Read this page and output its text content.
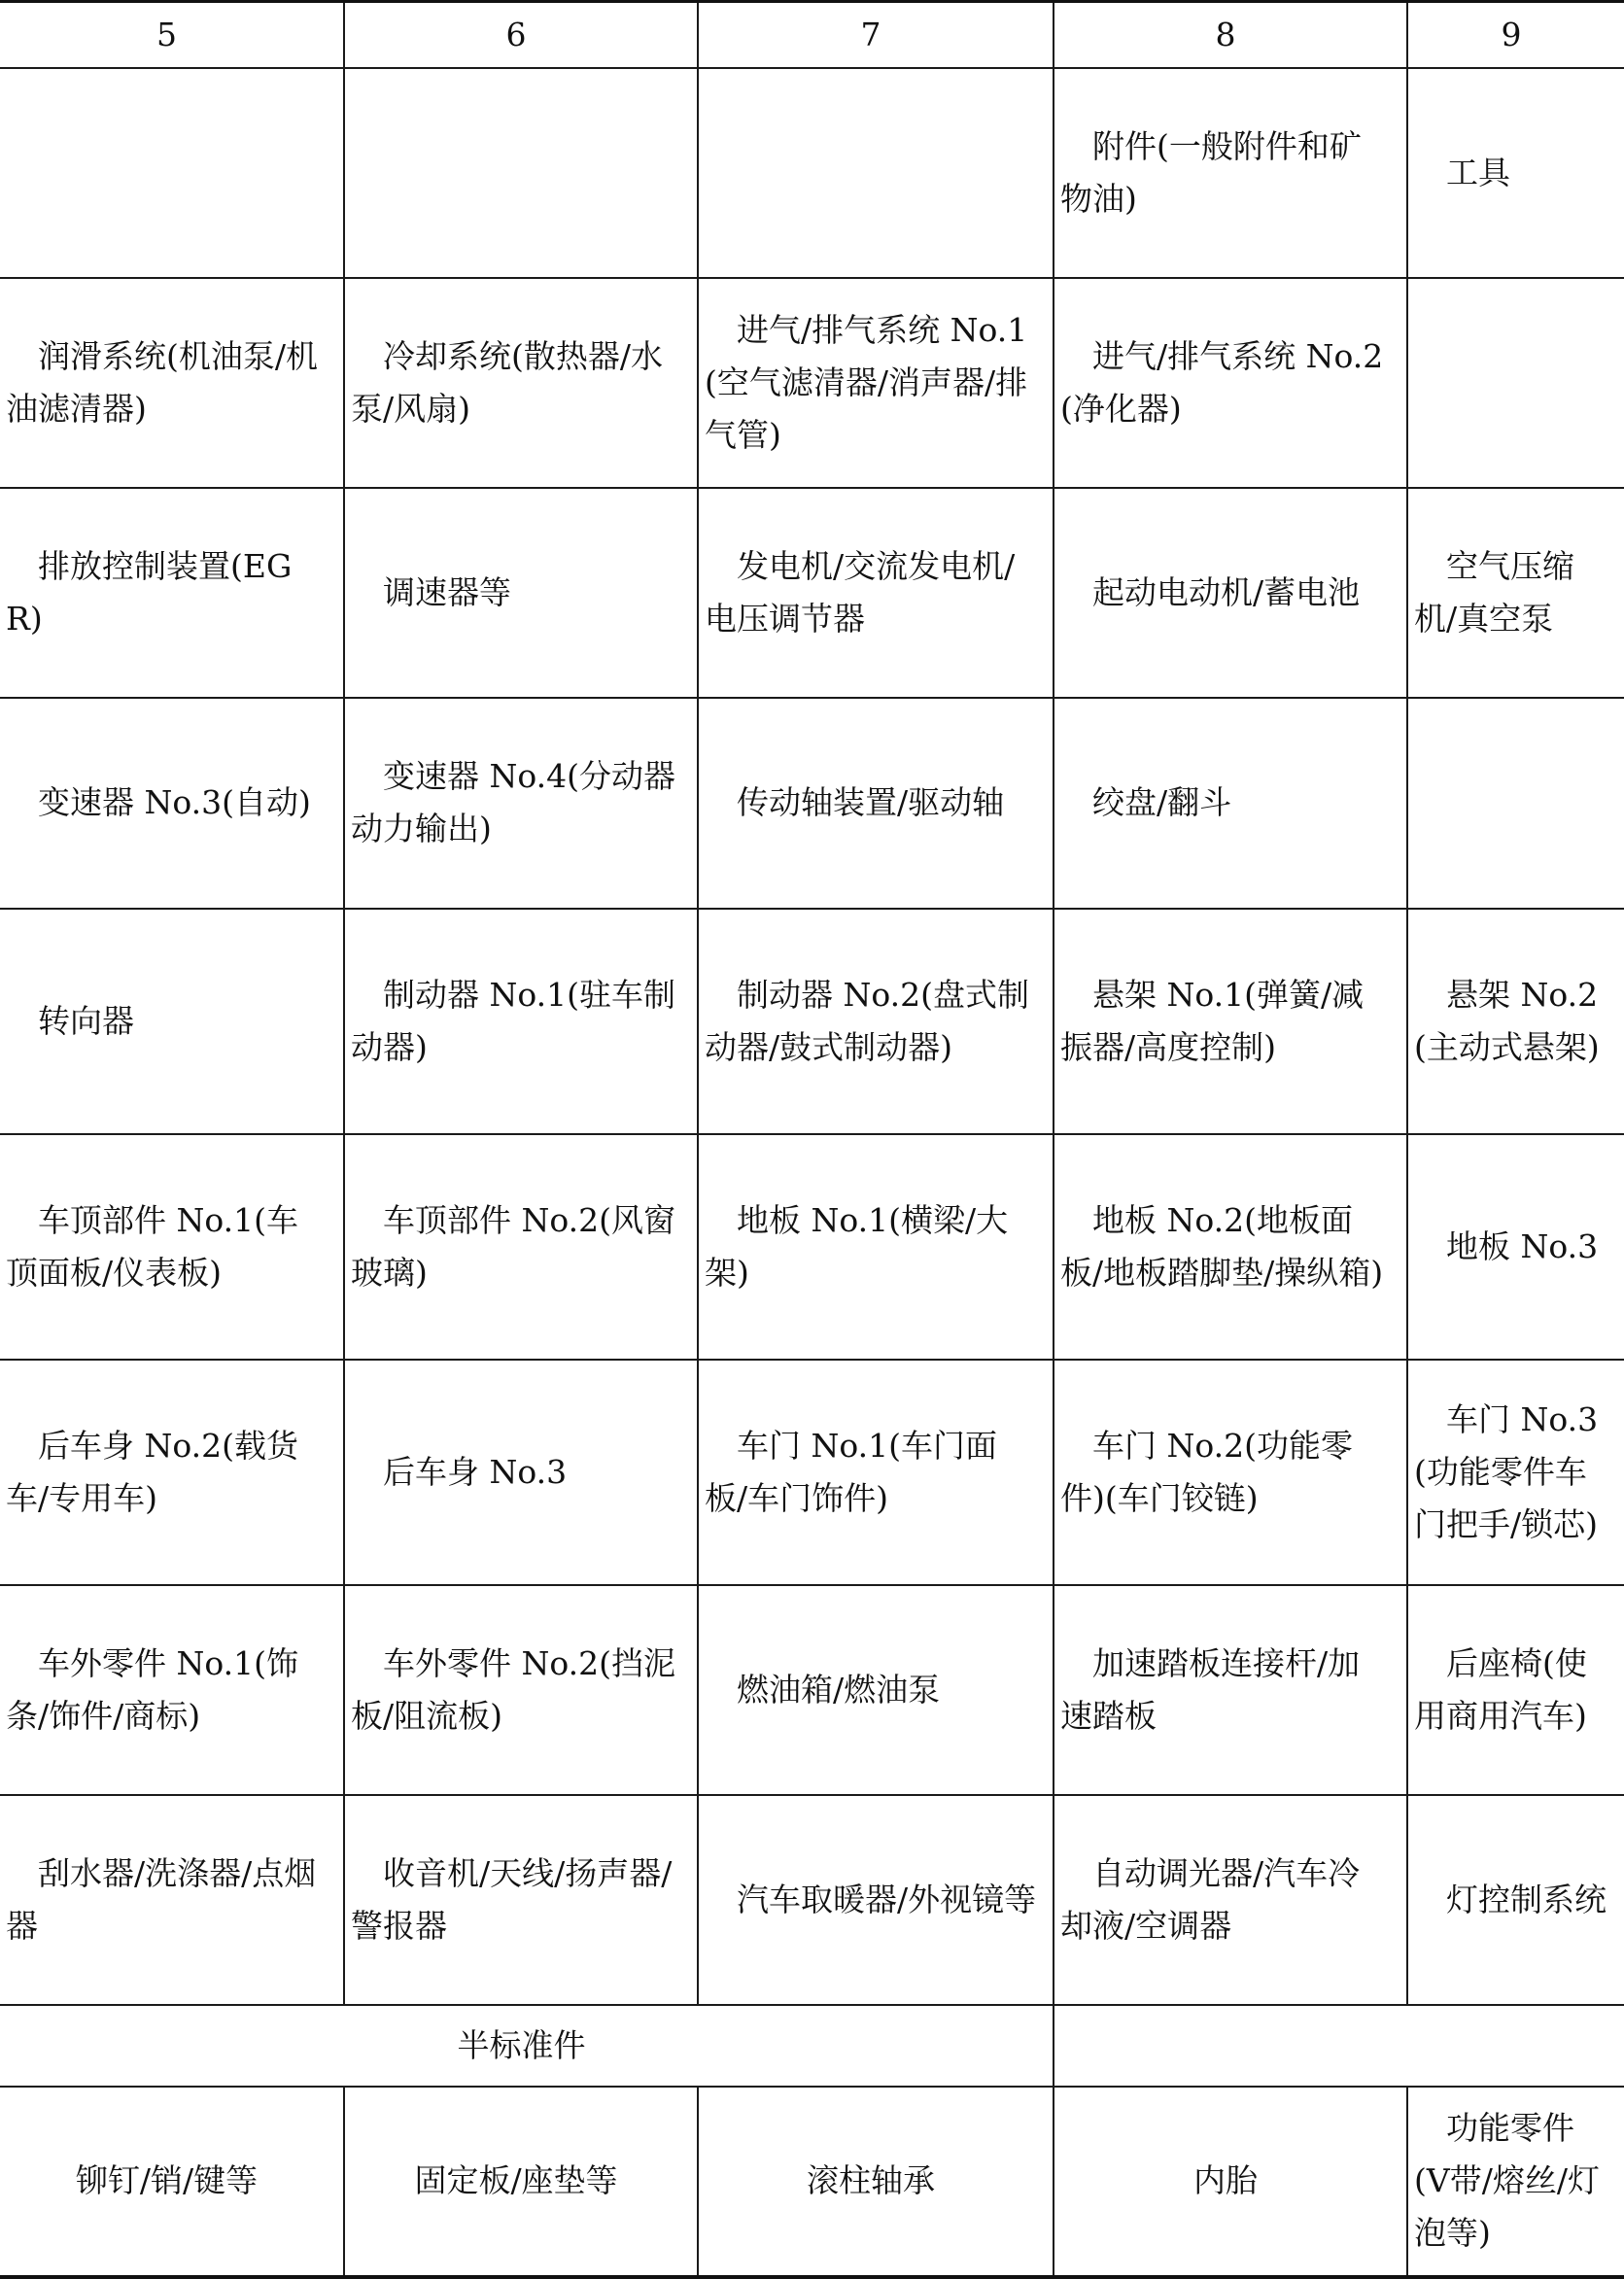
5	6	7	8	9

			附件(一般附件和矿物油)	工具

润滑系统(机油泵/机油滤清器)	冷却系统(散热器/水泵/风扇)	进气/排气系统 No.1(空气滤清器/消声器/排气管)	进气/排气系统 No.2(净化器)	

排放控制装置(EGR)	调速器等	发电机/交流发电机/电压调节器	起动电动机/蓄电池	空气压缩机/真空泵

变速器 No.3(自动)	变速器 No.4(分动器动力输出)	传动轴装置/驱动轴	绞盘/翻斗	

转向器	制动器 No.1(驻车制动器)	制动器 No.2(盘式制动器/鼓式制动器)	悬架 No.1(弹簧/减振器/高度控制)	悬架 No.2(主动式悬架)

车顶部件 No.1(车顶面板/仪表板)	车顶部件 No.2(风窗玻璃)	地板 No.1(横梁/大架)	地板 No.2(地板面板/地板踏脚垫/操纵箱)	地板 No.3

后车身 No.2(载货车/专用车)	后车身 No.3	车门 No.1(车门面板/车门饰件)	车门 No.2(功能零件)(车门铰链)	车门 No.3(功能零件车门把手/锁芯)

车外零件 No.1(饰条/饰件/商标)	车外零件 No.2(挡泥板/阻流板)	燃油箱/燃油泵	加速踏板连接杆/加速踏板	后座椅(使用商用汽车)

刮水器/洗涤器/点烟器	收音机/天线/扬声器/警报器	汽车取暖器/外视镜等	自动调光器/汽车冷却液/空调器	灯控制系统

半标准件				

铆钉/销/键等	固定板/座垫等	滚柱轴承	内胎	功能零件(V带/熔丝/灯泡等)
